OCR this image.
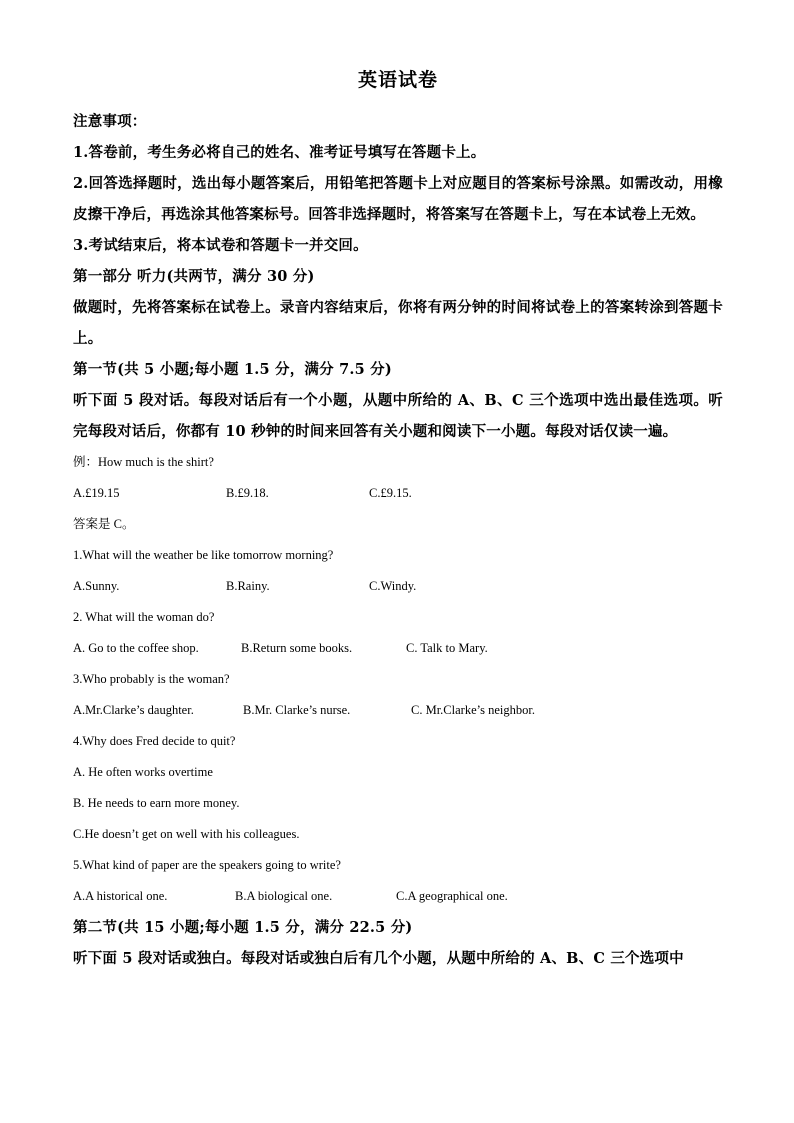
英语试卷
注意事项：
1.答卷前，考生务必将自己的姓名、准考证号填写在答题卡上。
2.回答选择题时，选出每小题答案后，用铅笔把答题卡上对应题目的答案标号涂黑。如需改动，用橡皮擦干净后，再选涂其他答案标号。回答非选择题时，将答案写在答题卡上，写在本试卷上无效。
3.考试结束后，将本试卷和答题卡一并交回。
第一部分 听力(共两节，满分 30 分)
做题时，先将答案标在试卷上。录音内容结束后，你将有两分钟的时间将试卷上的答案转涂到答题卡上。
第一节(共 5 小题;每小题 1.5 分，满分 7.5 分)
听下面 5 段对话。每段对话后有一个小题，从题中所给的 A、B、C 三个选项中选出最佳选项。听完每段对话后，你都有 10 秒钟的时间来回答有关小题和阅读下一小题。每段对话仅读一遍。
例：How much is the shirt?
A.£19.15	B.£9.18.	C.£9.15.
答案是 C。
1.What will the weather be like tomorrow morning?
A.Sunny.	B.Rainy.	C.Windy.
2. What will the woman do?
A. Go to the coffee shop.	B.Return some books.	C. Talk to Mary.
3.Who probably is the woman?
A.Mr.Clarke’s daughter.	B.Mr. Clarke’s nurse.	C. Mr.Clarke’s neighbor.
4.Why does Fred decide to quit?
A. He often works overtime
B. He needs to earn more money.
C.He doesn’t get on well with his colleagues.
5.What kind of paper are the speakers going to write?
A.A historical one.	B.A biological one.	C.A geographical one.
第二节(共 15 小题;每小题 1.5 分，满分 22.5 分)
听下面 5 段对话或独白。每段对话或独白后有几个小题，从题中所给的 A、B、C 三个选项中
